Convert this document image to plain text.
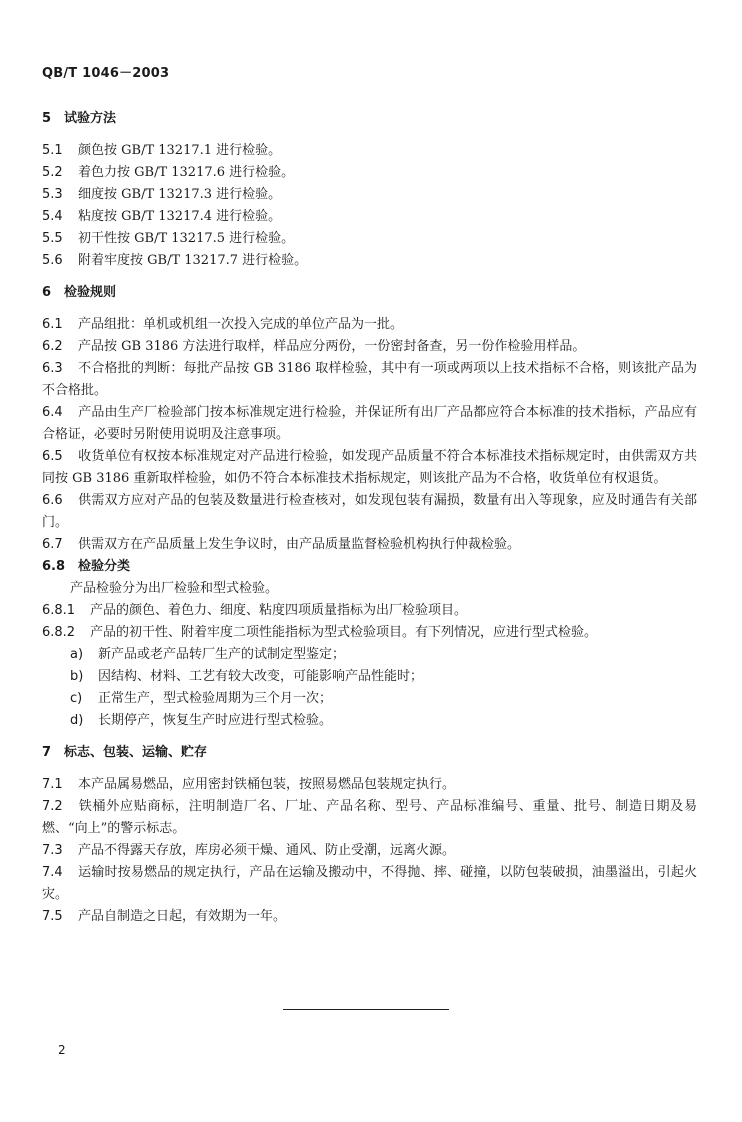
QB/T 1046－2003

5 试验方法

5.1 颜色按 GB/T 13217.1 进行检验。

5.2 着色力按 GB/T 13217.6 进行检验。

5.3 细度按 GB/T 13217.3 进行检验。

5.4 粘度按 GB/T 13217.4 进行检验。

5.5 初干性按 GB/T 13217.5 进行检验。

5.6 附着牢度按 GB/T 13217.7 进行检验。

6 检验规则

6.1 产品组批：单机或机组一次投入完成的单位产品为一批。

6.2 产品按 GB 3186 方法进行取样，样品应分两份，一份密封备查，另一份作检验用样品。

6.3 不合格批的判断：每批产品按 GB 3186 取样检验，其中有一项或两项以上技术指标不合格，则该批产品为不合格批。

6.4 产品由生产厂检验部门按本标准规定进行检验，并保证所有出厂产品都应符合本标准的技术指标，产品应有合格证，必要时另附使用说明及注意事项。

6.5 收货单位有权按本标准规定对产品进行检验，如发现产品质量不符合本标准技术指标规定时，由供需双方共同按 GB 3186 重新取样检验，如仍不符合本标准技术指标规定，则该批产品为不合格，收货单位有权退货。

6.6 供需双方应对产品的包装及数量进行检查核对，如发现包装有漏损，数量有出入等现象，应及时通告有关部门。

6.7 供需双方在产品质量上发生争议时，由产品质量监督检验机构执行仲裁检验。

6.8 检验分类

产品检验分为出厂检验和型式检验。

6.8.1 产品的颜色、着色力、细度、粘度四项质量指标为出厂检验项目。

6.8.2 产品的初干性、附着牢度二项性能指标为型式检验项目。有下列情况，应进行型式检验。

a) 新产品或老产品转厂生产的试制定型鉴定；

b) 因结构、材料、工艺有较大改变，可能影响产品性能时；

c) 正常生产，型式检验周期为三个月一次；

d) 长期停产，恢复生产时应进行型式检验。

7 标志、包装、运输、贮存

7.1 本产品属易燃品，应用密封铁桶包装，按照易燃品包装规定执行。

7.2 铁桶外应贴商标，注明制造厂名、厂址、产品名称、型号、产品标准编号、重量、批号、制造日期及易燃、“向上”的警示标志。

7.3 产品不得露天存放，库房必须干燥、通风、防止受潮，远离火源。

7.4 运输时按易燃品的规定执行，产品在运输及搬动中，不得抛、摔、碰撞，以防包装破损，油墨溢出，引起火灾。

7.5 产品自制造之日起，有效期为一年。

2
